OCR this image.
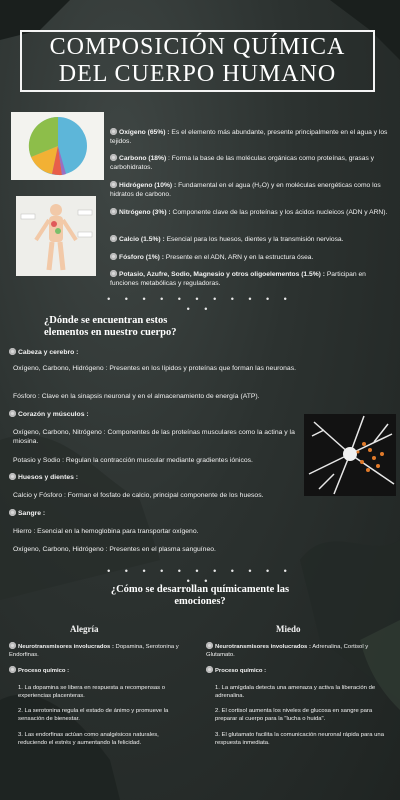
COMPOSICIÓN QUÍMICA
DEL CUERPO HUMANO
Oxígeno (65%) : Es el elemento más abundante, presente principalmente en el agua y los tejidos.
Carbono (18%) : Forma la base de las moléculas orgánicas como proteínas, grasas y carbohidratos.
Hidrógeno (10%) : Fundamental en el agua (H₂O) y en moléculas energéticas como los hidratos de carbono.
Nitrógeno (3%) : Componente clave de las proteínas y los ácidos nucleicos (ADN y ARN).
Calcio (1.5%) : Esencial para los huesos, dientes y la transmisión nerviosa.
Fósforo (1%) : Presente en el ADN, ARN y en la estructura ósea.
Potasio, Azufre, Sodio, Magnesio y otros oligoelementos (1.5%) : Participan en funciones metabólicas y reguladoras.
• • • • • • • • • • • • •
¿Dónde se encuentran estos
elementos en nuestro cuerpo?
Cabeza y cerebro :
Oxígeno, Carbono, Hidrógeno : Presentes en los lípidos y proteínas que forman las neuronas.
Fósforo : Clave en la sinapsis neuronal y en el almacenamiento de energía (ATP).
Corazón y músculos :
Oxígeno, Carbono, Nitrógeno : Componentes de las proteínas musculares como la actina y la miosina.
Potasio y Sodio : Regulan la contracción muscular mediante gradientes iónicos.
Huesos y dientes :
Calcio y Fósforo : Forman el fosfato de calcio, principal componente de los huesos.
Sangre :
Hierro : Esencial en la hemoglobina para transportar oxígeno.
Oxígeno, Carbono, Hidrógeno : Presentes en el plasma sanguíneo.
• • • • • • • • • • • • •
¿Cómo se desarrollan químicamente las
emociones?
Alegría
Neurotransmisores involucrados : Dopamina, Serotonina y Endorfinas.
Proceso químico :
1. La dopamina se libera en respuesta a recompensas o experiencias placenteras.
2. La serotonina regula el estado de ánimo y promueve la sensación de bienestar.
3. Las endorfinas actúan como analgésicos naturales, reduciendo el estrés y aumentando la felicidad.
Miedo
Neurotransmisores involucrados : Adrenalina, Cortisol y Glutamato.
Proceso químico :
1. La amígdala detecta una amenaza y activa la liberación de adrenalina.
2. El cortisol aumenta los niveles de glucosa en sangre para preparar al cuerpo para la "lucha o huida".
3. El glutamato facilita la comunicación neuronal rápida para una respuesta inmediata.
